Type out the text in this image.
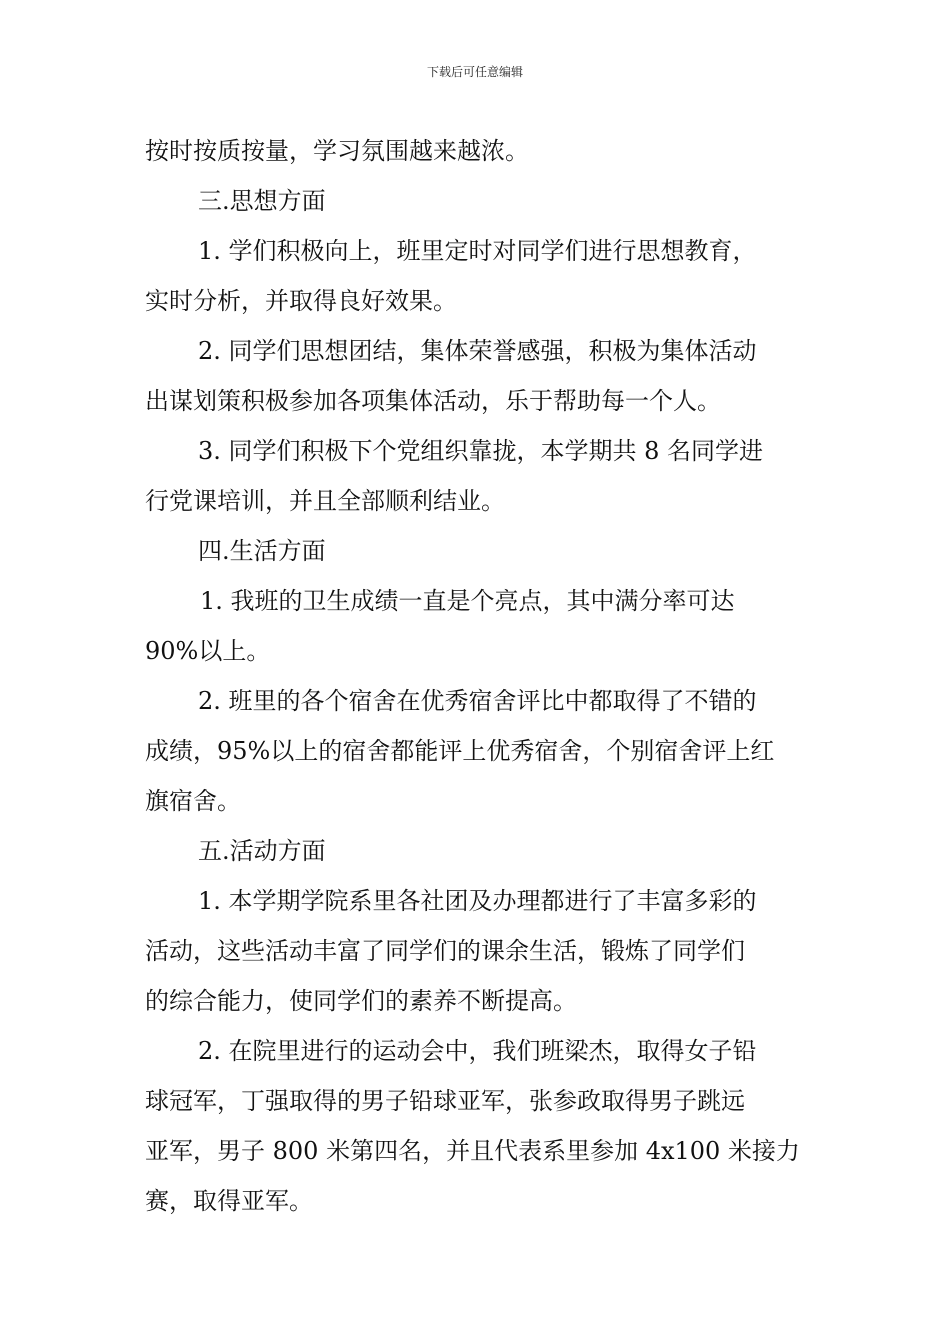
下载后可任意编辑
按时按质按量，学习氛围越来越浓。
三.思想方面
1. 学们积极向上，班里定时对同学们进行思想教育，
实时分析，并取得良好效果。
2. 同学们思想团结，集体荣誉感强，积极为集体活动
出谋划策积极参加各项集体活动，乐于帮助每一个人。
3. 同学们积极下个党组织靠拢，本学期共 8 名同学进
行党课培训，并且全部顺利结业。
四.生活方面
1. 我班的卫生成绩一直是个亮点，其中满分率可达
90%以上。
2. 班里的各个宿舍在优秀宿舍评比中都取得了不错的
成绩，95%以上的宿舍都能评上优秀宿舍，个别宿舍评上红
旗宿舍。
五.活动方面
1. 本学期学院系里各社团及办理都进行了丰富多彩的
活动，这些活动丰富了同学们的课余生活，锻炼了同学们
的综合能力，使同学们的素养不断提高。
2. 在院里进行的运动会中，我们班梁杰，取得女子铅
球冠军，丁强取得的男子铅球亚军，张参政取得男子跳远
亚军，男子 800 米第四名，并且代表系里参加 4x100 米接力
赛，取得亚军。
